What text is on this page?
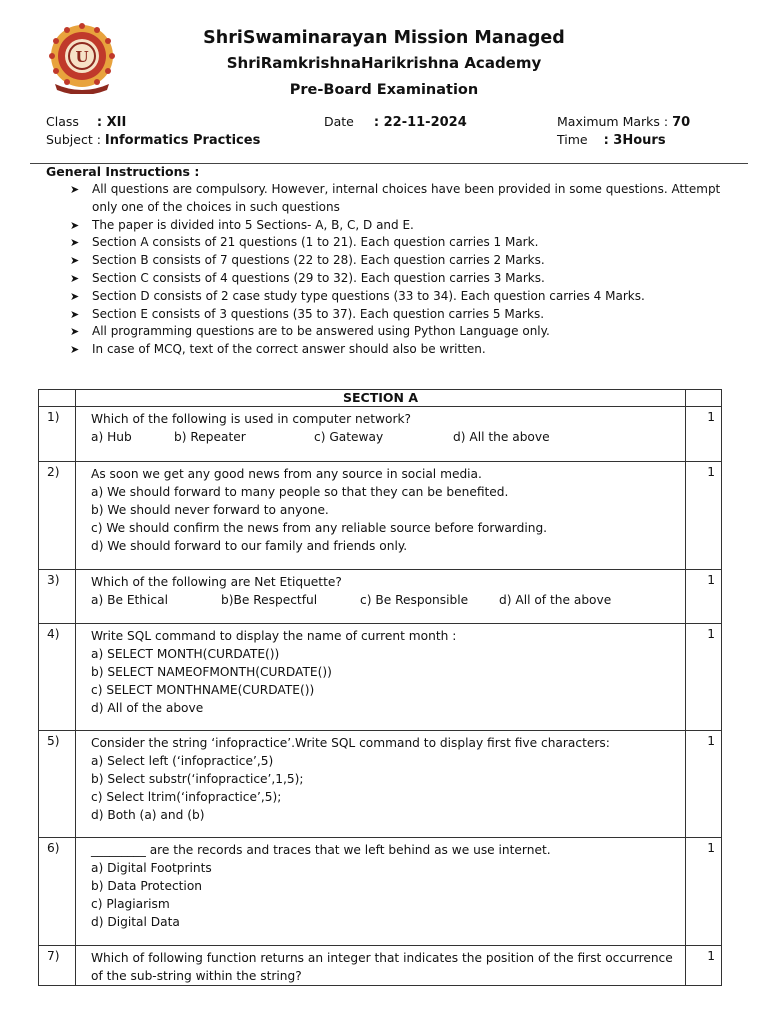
U
ShriSwaminarayan Mission Managed
ShriRamkrishnaHarikrishna Academy
Pre-Board Examination
Class : XII
Subject : Informatics Practices
Date : 22-11-2024	Maximum Marks : 70
Time : 3Hours
General Instructions :
➤ All questions are compulsory. However, internal choices have been provided in some questions. Attempt only one of the choices in such questions
➤ The paper is divided into 5 Sections- A, B, C, D and E.
➤ Section A consists of 21 questions (1 to 21). Each question carries 1 Mark.
➤ Section B consists of 7 questions (22 to 28). Each question carries 2 Marks.
➤ Section C consists of 4 questions (29 to 32). Each question carries 3 Marks.
➤ Section D consists of 2 case study type questions (33 to 34). Each question carries 4 Marks.
➤ Section E consists of 3 questions (35 to 37). Each question carries 5 Marks.
➤ All programming questions are to be answered using Python Language only.
➤ In case of MCQ, text of the correct answer should also be written.
	SECTION A	
1)	Which of the following is used in computer network?
a) Hub b) Repeater c) Gateway d) All the above	1
2)	As soon we get any good news from any source in social media.
a) We should forward to many people so that they can be benefited.
b) We should never forward to anyone.
c) We should confirm the news from any reliable source before forwarding.
d) We should forward to our family and friends only.	1
3)	Which of the following are Net Etiquette?
a) Be Ethical b)Be Respectful c) Be Responsible d) All of the above	1
4)	Write SQL command to display the name of current month :
a) SELECT MONTH(CURDATE())
b) SELECT NAMEOFMONTH(CURDATE())
c) SELECT MONTHNAME(CURDATE())
d) All of the above	1
5)	Consider the string ‘infopractice’.Write SQL command to display first five characters:
a) Select left (‘infopractice’,5)
b) Select substr(‘infopractice’,1,5);
c) Select ltrim(‘infopractice’,5);
d) Both (a) and (b)	1
6)	_________ are the records and traces that we left behind as we use internet.
a) Digital Footprints
b) Data Protection
c) Plagiarism
d) Digital Data	1
7)	Which of following function returns an integer that indicates the position of the first occurrence of the sub-string within the string?	1
